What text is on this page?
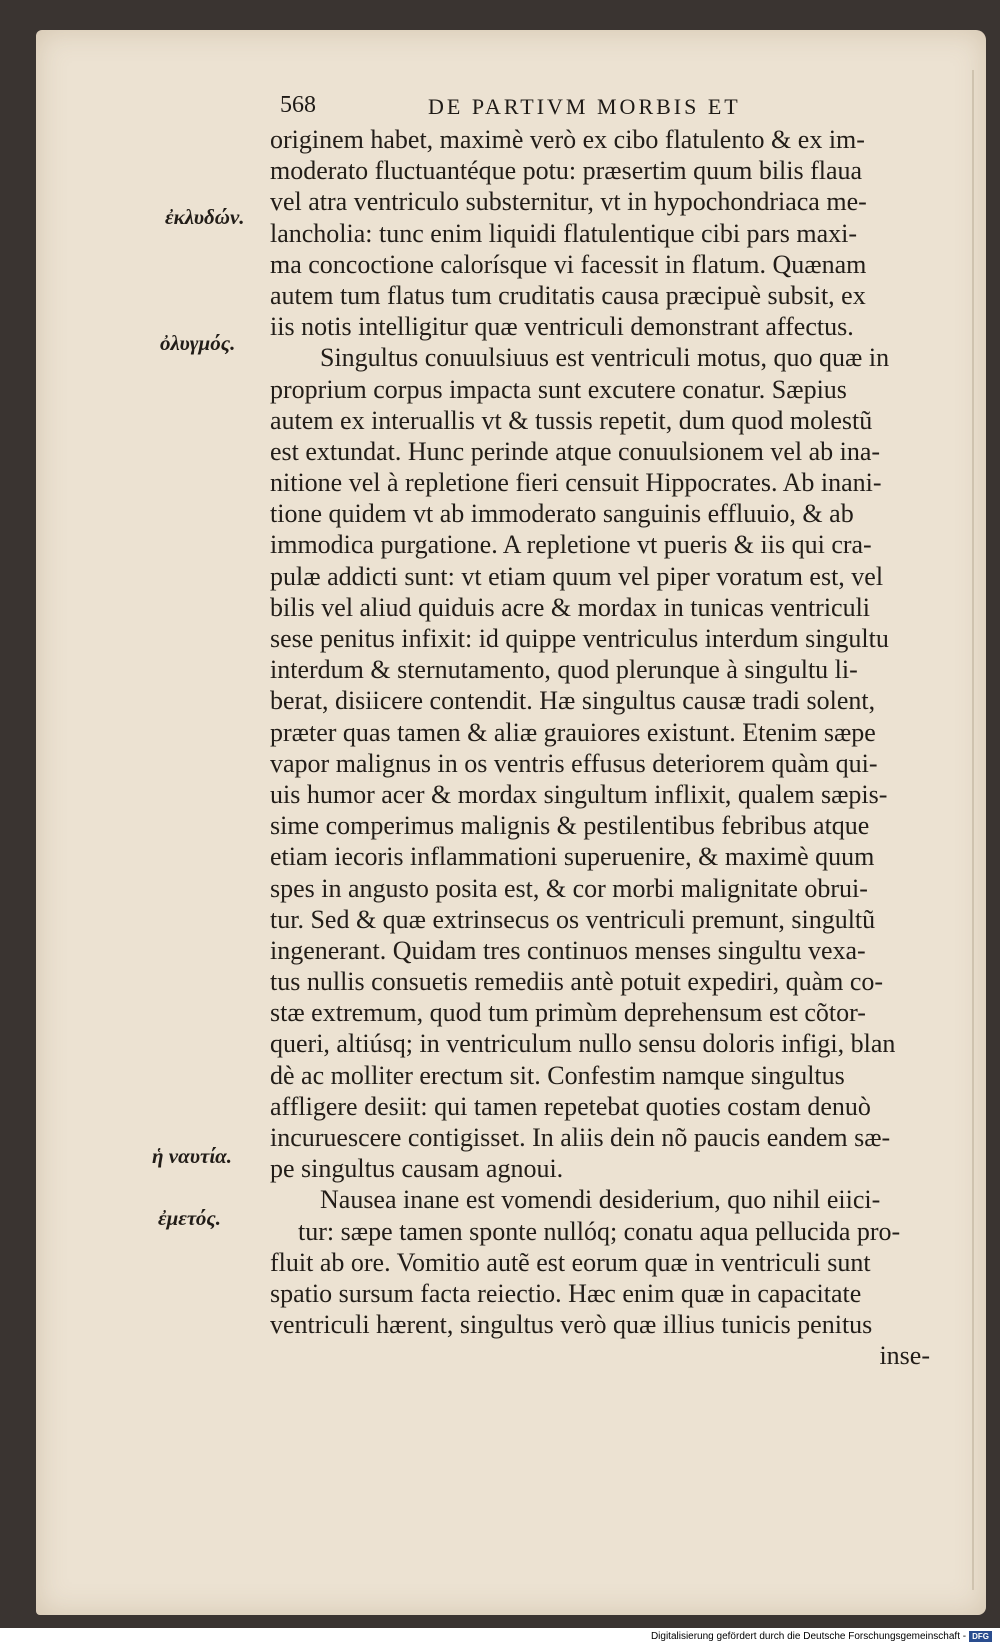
568	DE PARTIVM MORBIS ET
ἐκλυδών.
ὀλυγμός.
ἡ ναυτία.
ἐμετός.
originem habet, maximè verò ex cibo flatulento & ex im-
moderato fluctuantéque potu: præsertim quum bilis flaua
vel atra ventriculo substernitur, vt in hypochondriaca me-
lancholia: tunc enim liquidi flatulentique cibi pars maxi-
ma concoctione calorísque vi facessit in flatum. Quænam
autem tum flatus tum cruditatis causa præcipuè subsit, ex
iis notis intelligitur quæ ventriculi demonstrant affectus.
Singultus conuulsiuus est ventriculi motus, quo quæ in
proprium corpus impacta sunt excutere conatur. Sæpius
autem ex interuallis vt & tussis repetit, dum quod molestũ
est extundat. Hunc perinde atque conuulsionem vel ab ina-
nitione vel à repletione fieri censuit Hippocrates. Ab inani-
tione quidem vt ab immoderato sanguinis effluuio, & ab
immodica purgatione. A repletione vt pueris & iis qui cra-
pulæ addicti sunt: vt etiam quum vel piper voratum est, vel
bilis vel aliud quiduis acre & mordax in tunicas ventriculi
sese penitus infixit: id quippe ventriculus interdum singultu
interdum & sternutamento, quod plerunque à singultu li-
berat, disiicere contendit. Hæ singultus causæ tradi solent,
præter quas tamen & aliæ grauiores existunt. Etenim sæpe
vapor malignus in os ventris effusus deteriorem quàm qui-
uis humor acer & mordax singultum inflixit, qualem sæpis-
sime comperimus malignis & pestilentibus febribus atque
etiam iecoris inflammationi superuenire, & maximè quum
spes in angusto posita est, & cor morbi malignitate obrui-
tur. Sed & quæ extrinsecus os ventriculi premunt, singultũ
ingenerant. Quidam tres continuos menses singultu vexa-
tus nullis consuetis remediis antè potuit expediri, quàm co-
stæ extremum, quod tum primùm deprehensum est cõtor-
queri, altiúsq; in ventriculum nullo sensu doloris infigi, blan
dè ac molliter erectum sit. Confestim namque singultus
affligere desiit: qui tamen repetebat quoties costam denuò
incuruescere contigisset. In aliis dein nõ paucis eandem sæ-
pe singultus causam agnoui.
Nausea inane est vomendi desiderium, quo nihil eiici-
tur: sæpe tamen sponte nullóq; conatu aqua pellucida pro-
fluit ab ore. Vomitio autẽ est eorum quæ in ventriculi sunt
spatio sursum facta reiectio. Hæc enim quæ in capacitate
ventriculi hærent, singultus verò quæ illius tunicis penitus
inse-
Digitalisierung gefördert durch die Deutsche Forschungsgemeinschaft - DFG
